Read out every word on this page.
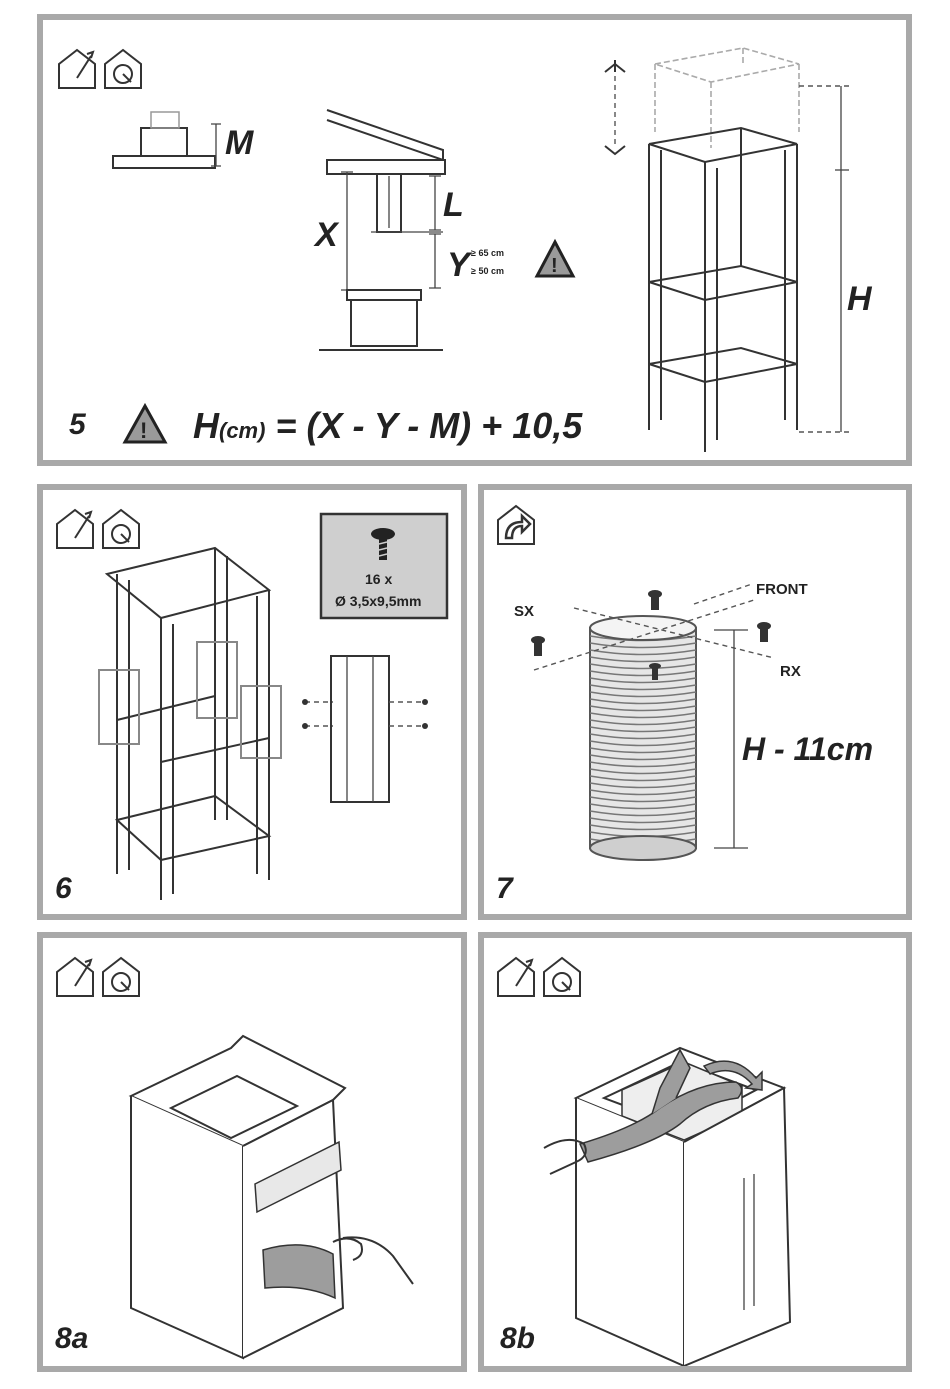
M
X
L
Y ≥ 65 cm
≥ 50 cm !
H
5 ! H(cm) = (X - Y - M) + 10,5
16 x
Ø 3,5x9,5mm
6
FRONT
SX
RX
H - 11cm
7
8a	8b
